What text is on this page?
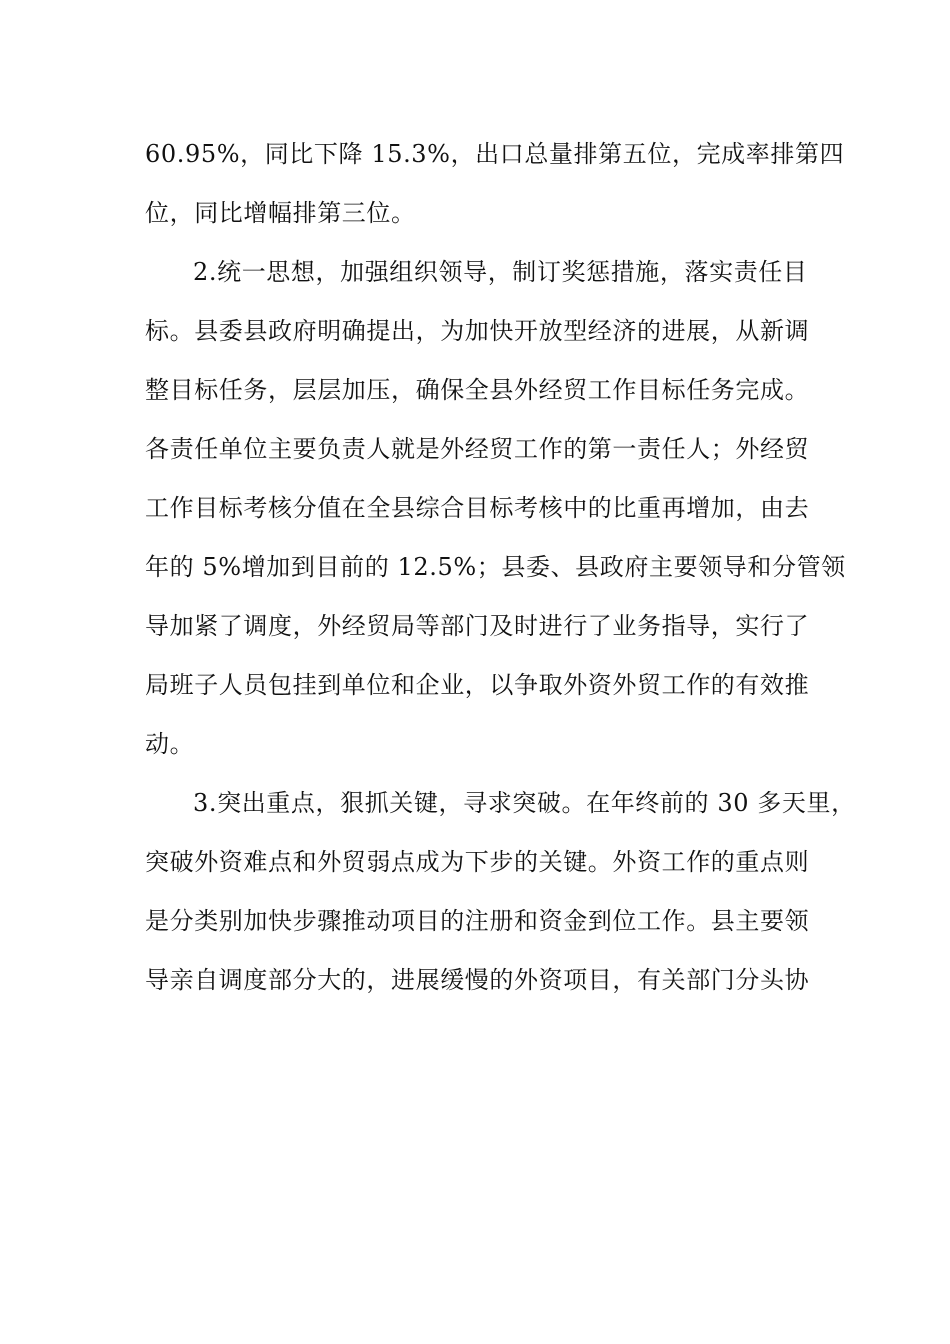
60.95%，同比下降 15.3%，出口总量排第五位，完成率排第四
位，同比增幅排第三位。
2.统一思想，加强组织领导，制订奖惩措施，落实责任目
标。县委县政府明确提出，为加快开放型经济的进展，从新调
整目标任务，层层加压，确保全县外经贸工作目标任务完成。
各责任单位主要负责人就是外经贸工作的第一责任人；外经贸
工作目标考核分值在全县综合目标考核中的比重再增加，由去
年的 5%增加到目前的 12.5%；县委、县政府主要领导和分管领
导加紧了调度，外经贸局等部门及时进行了业务指导，实行了
局班子人员包挂到单位和企业，以争取外资外贸工作的有效推
动。
3.突出重点，狠抓关键，寻求突破。在年终前的 30 多天里，
突破外资难点和外贸弱点成为下步的关键。外资工作的重点则
是分类别加快步骤推动项目的注册和资金到位工作。县主要领
导亲自调度部分大的，进展缓慢的外资项目，有关部门分头协
